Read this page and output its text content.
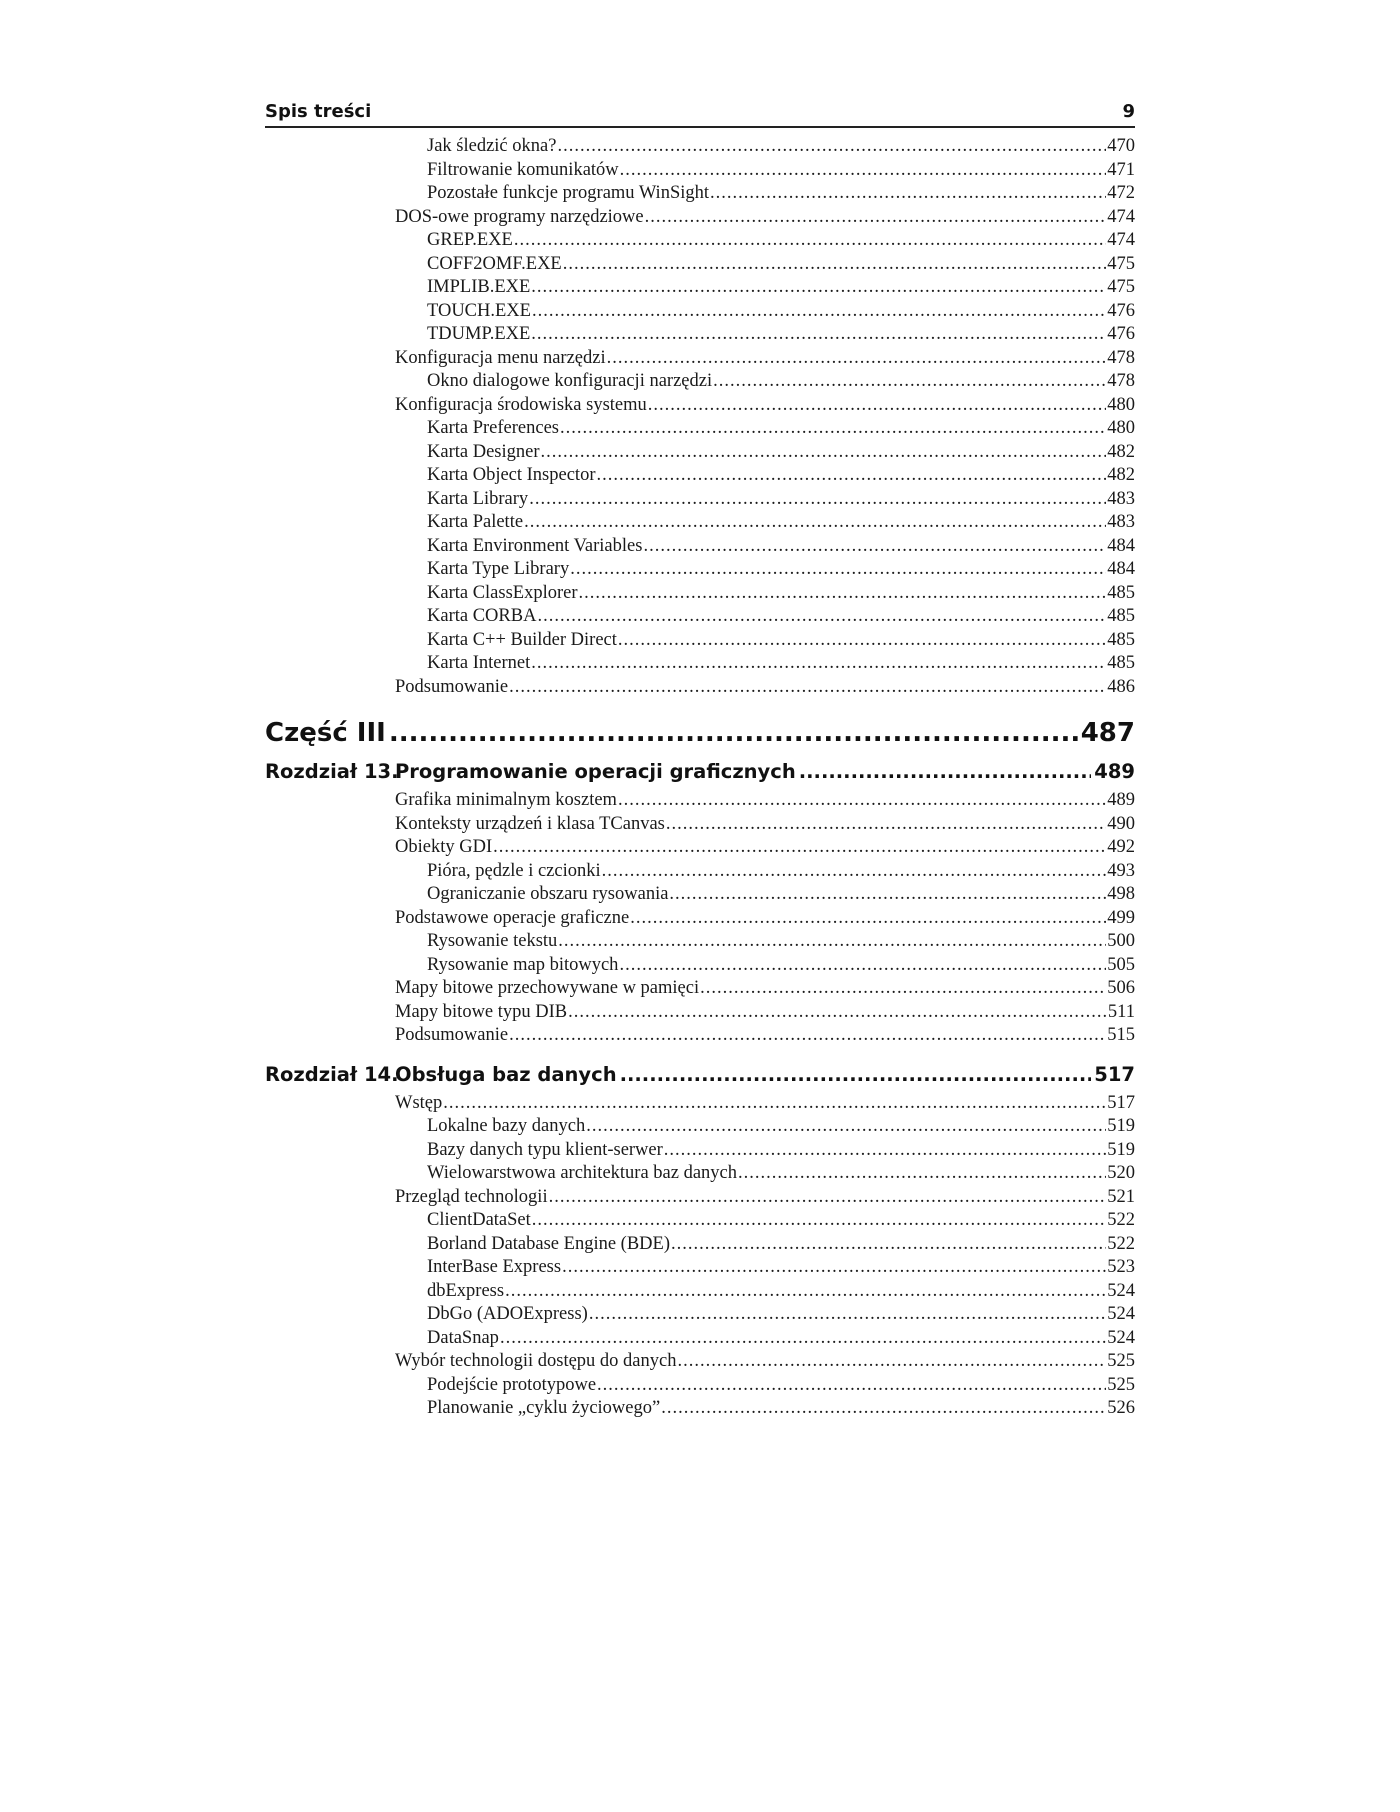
Spis treści	9
Jak śledzić okna? .....	470
Filtrowanie komunikatów .....	471
Pozostałe funkcje programu WinSight .....	472
DOS-owe programy narzędziowe .....	474
GREP.EXE .....	474
COFF2OMF.EXE .....	475
IMPLIB.EXE .....	475
TOUCH.EXE .....	476
TDUMP.EXE .....	476
Konfiguracja menu narzędzi .....	478
Okno dialogowe konfiguracji narzędzi .....	478
Konfiguracja środowiska systemu .....	480
Karta Preferences .....	480
Karta Designer .....	482
Karta Object Inspector .....	482
Karta Library .....	483
Karta Palette .....	483
Karta Environment Variables .....	484
Karta Type Library .....	484
Karta ClassExplorer .....	485
Karta CORBA .....	485
Karta C++ Builder Direct .....	485
Karta Internet .....	485
Podsumowanie .....	486
Część III .....	487
Rozdział 13.
Programowanie operacji graficznych .....	489
Grafika minimalnym kosztem .....	489
Konteksty urządzeń i klasa TCanvas .....	490
Obiekty GDI .....	492
Pióra, pędzle i czcionki .....	493
Ograniczanie obszaru rysowania .....	498
Podstawowe operacje graficzne .....	499
Rysowanie tekstu .....	500
Rysowanie map bitowych .....	505
Mapy bitowe przechowywane w pamięci .....	506
Mapy bitowe typu DIB .....	511
Podsumowanie .....	515
Rozdział 14.
Obsługa baz danych .....	517
Wstęp .....	517
Lokalne bazy danych .....	519
Bazy danych typu klient-serwer .....	519
Wielowarstwowa architektura baz danych .....	520
Przegląd technologii .....	521
ClientDataSet .....	522
Borland Database Engine (BDE) .....	522
InterBase Express .....	523
dbExpress .....	524
DbGo (ADOExpress) .....	524
DataSnap .....	524
Wybór technologii dostępu do danych .....	525
Podejście prototypowe .....	525
Planowanie „cyklu życiowego” .....	526
